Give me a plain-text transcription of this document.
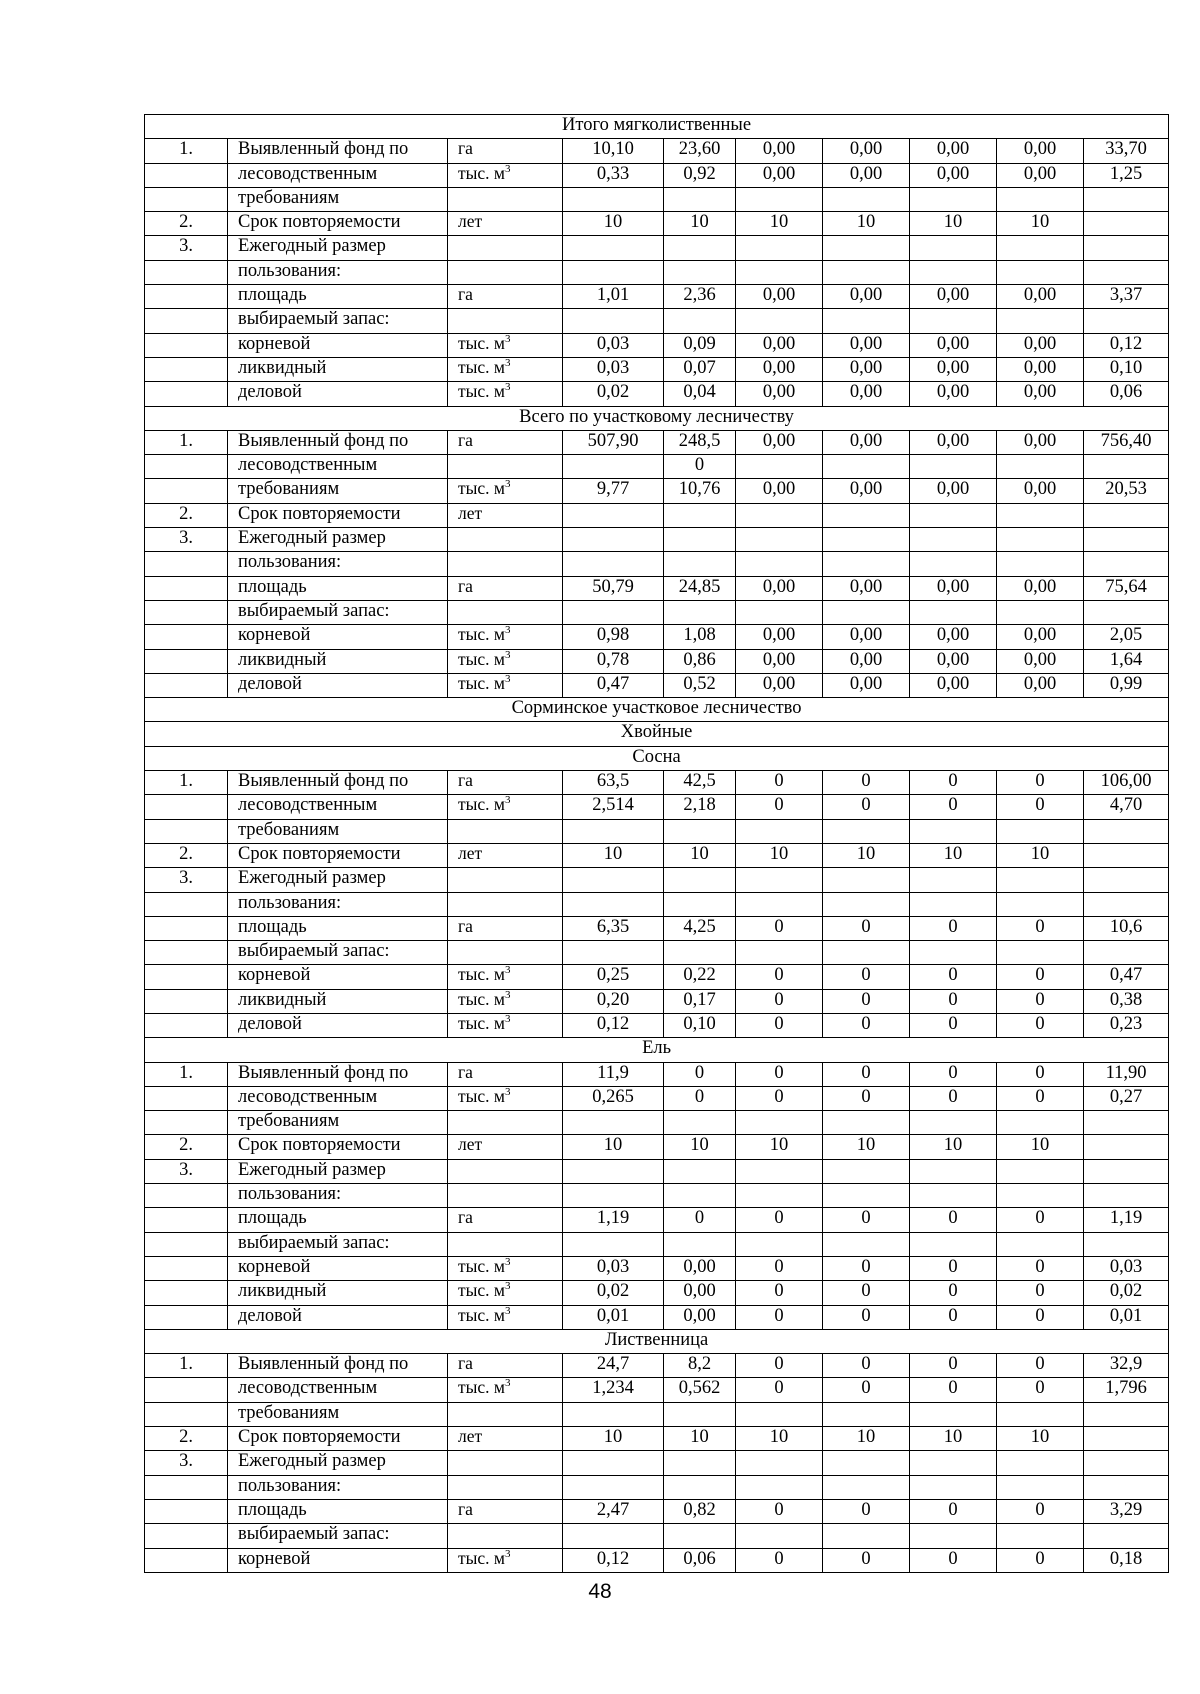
Итого мягколиственные									
1.	Выявленный фонд по	га	10,10	23,60	0,00	0,00	0,00	0,00	33,70
	лесоводственным	тыс. $м^3$	0,33	0,92	0,00	0,00	0,00	0,00	1,25
	требованиям								
2.	Срок повторяемости	лет	10	10	10	10	10	10	
3.	Ежегодный размер								
	пользования:								
	площадь	га	1,01	2,36	0,00	0,00	0,00	0,00	3,37
	выбираемый запас:								
	корневой	тыс. $м^3$	0,03	0,09	0,00	0,00	0,00	0,00	0,12
	ликвидный	тыс. $м^3$	0,03	0,07	0,00	0,00	0,00	0,00	0,10
	деловой	тыс. $м^3$	0,02	0,04	0,00	0,00	0,00	0,00	0,06
Всего по участковому лесничеству									
1.	Выявленный фонд по	га	507,90	248,5	0,00	0,00	0,00	0,00	756,40
	лесоводственным			0					
	требованиям	тыс. $м^3$	9,77	10,76	0,00	0,00	0,00	0,00	20,53
2.	Срок повторяемости	лет							
3.	Ежегодный размер								
	пользования:								
	площадь	га	50,79	24,85	0,00	0,00	0,00	0,00	75,64
	выбираемый запас:								
	корневой	тыс. $м^3$	0,98	1,08	0,00	0,00	0,00	0,00	2,05
	ликвидный	тыс. $м^3$	0,78	0,86	0,00	0,00	0,00	0,00	1,64
	деловой	тыс. $м^3$	0,47	0,52	0,00	0,00	0,00	0,00	0,99
Сорминское участковое лесничество									
Хвойные									
Сосна									
1.	Выявленный фонд по	га	63,5	42,5	0	0	0	0	106,00
	лесоводственным	тыс. $м^3$	2,514	2,18	0	0	0	0	4,70
	требованиям								
2.	Срок повторяемости	лет	10	10	10	10	10	10	
3.	Ежегодный размер								
	пользования:								
	площадь	га	6,35	4,25	0	0	0	0	10,6
	выбираемый запас:								
	корневой	тыс. $м^3$	0,25	0,22	0	0	0	0	0,47
	ликвидный	тыс. $м^3$	0,20	0,17	0	0	0	0	0,38
	деловой	тыс. $м^3$	0,12	0,10	0	0	0	0	0,23
Ель									
1.	Выявленный фонд по	га	11,9	0	0	0	0	0	11,90
	лесоводственным	тыс. $м^3$	0,265	0	0	0	0	0	0,27
	требованиям								
2.	Срок повторяемости	лет	10	10	10	10	10	10	
3.	Ежегодный размер								
	пользования:								
	площадь	га	1,19	0	0	0	0	0	1,19
	выбираемый запас:								
	корневой	тыс. $м^3$	0,03	0,00	0	0	0	0	0,03
	ликвидный	тыс. $м^3$	0,02	0,00	0	0	0	0	0,02
	деловой	тыс. $м^3$	0,01	0,00	0	0	0	0	0,01
Лиственница									
1.	Выявленный фонд по	га	24,7	8,2	0	0	0	0	32,9
	лесоводственным	тыс. $м^3$	1,234	0,562	0	0	0	0	1,796
	требованиям								
2.	Срок повторяемости	лет	10	10	10	10	10	10	
3.	Ежегодный размер								
	пользования:								
	площадь	га	2,47	0,82	0	0	0	0	3,29
	выбираемый запас:								
	корневой	тыс. $м^3$	0,12	0,06	0	0	0	0	0,18
48
